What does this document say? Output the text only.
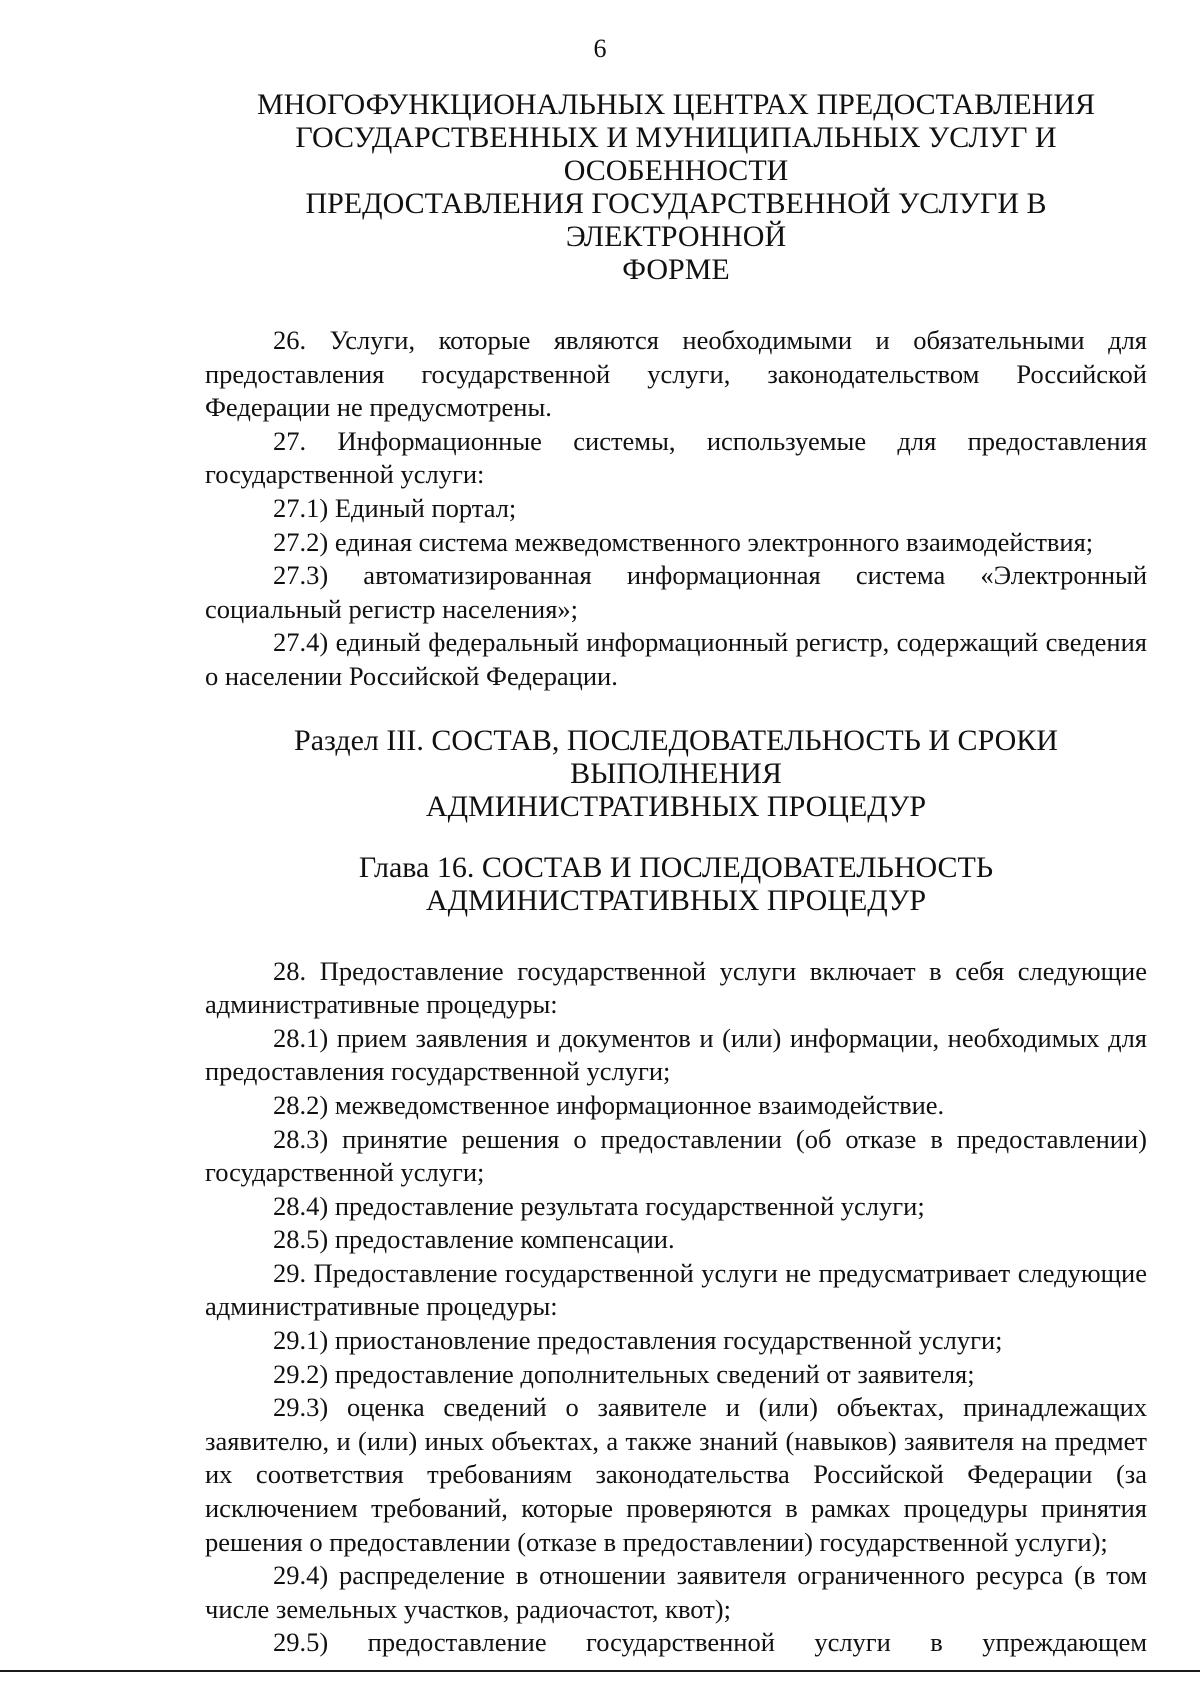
6
МНОГОФУНКЦИОНАЛЬНЫХ ЦЕНТРАХ ПРЕДОСТАВЛЕНИЯ
ГОСУДАРСТВЕННЫХ И МУНИЦИПАЛЬНЫХ УСЛУГ И ОСОБЕННОСТИ
ПРЕДОСТАВЛЕНИЯ ГОСУДАРСТВЕННОЙ УСЛУГИ В ЭЛЕКТРОННОЙ
ФОРМЕ

26. Услуги, которые являются необходимыми и обязательными для предоставления государственной услуги, законодательством Российской Федерации не предусмотрены.

27. Информационные системы, используемые для предоставления государственной услуги:

27.1) Единый портал;

27.2) единая система межведомственного электронного взаимодействия;

27.3) автоматизированная информационная система «Электронный социальный регистр населения»;

27.4) единый федеральный информационный регистр, содержащий сведения о населении Российской Федерации.

Раздел III. СОСТАВ, ПОСЛЕДОВАТЕЛЬНОСТЬ И СРОКИ ВЫПОЛНЕНИЯ
АДМИНИСТРАТИВНЫХ ПРОЦЕДУР
Глава 16. СОСТАВ И ПОСЛЕДОВАТЕЛЬНОСТЬ
АДМИНИСТРАТИВНЫХ ПРОЦЕДУР

28. Предоставление государственной услуги включает в себя следующие административные процедуры:

28.1) прием заявления и документов и (или) информации, необходимых для предоставления государственной услуги;

28.2) межведомственное информационное взаимодействие.

28.3) принятие решения о предоставлении (об отказе в предоставлении) государственной услуги;

28.4) предоставление результата государственной услуги;

28.5) предоставление компенсации.

29. Предоставление государственной услуги не предусматривает следующие административные процедуры:

29.1) приостановление предоставления государственной услуги;

29.2) предоставление дополнительных сведений от заявителя;

29.3) оценка сведений о заявителе и (или) объектах, принадлежащих заявителю, и (или) иных объектах, а также знаний (навыков) заявителя на предмет их соответствия требованиям законодательства Российской Федерации (за исключением требований, которые проверяются в рамках процедуры принятия решения о предоставлении (отказе в предоставлении) государственной услуги);

29.4) распределение в отношении заявителя ограниченного ресурса (в том числе земельных участков, радиочастот, квот);

29.5) предоставление государственной услуги в упреждающем
